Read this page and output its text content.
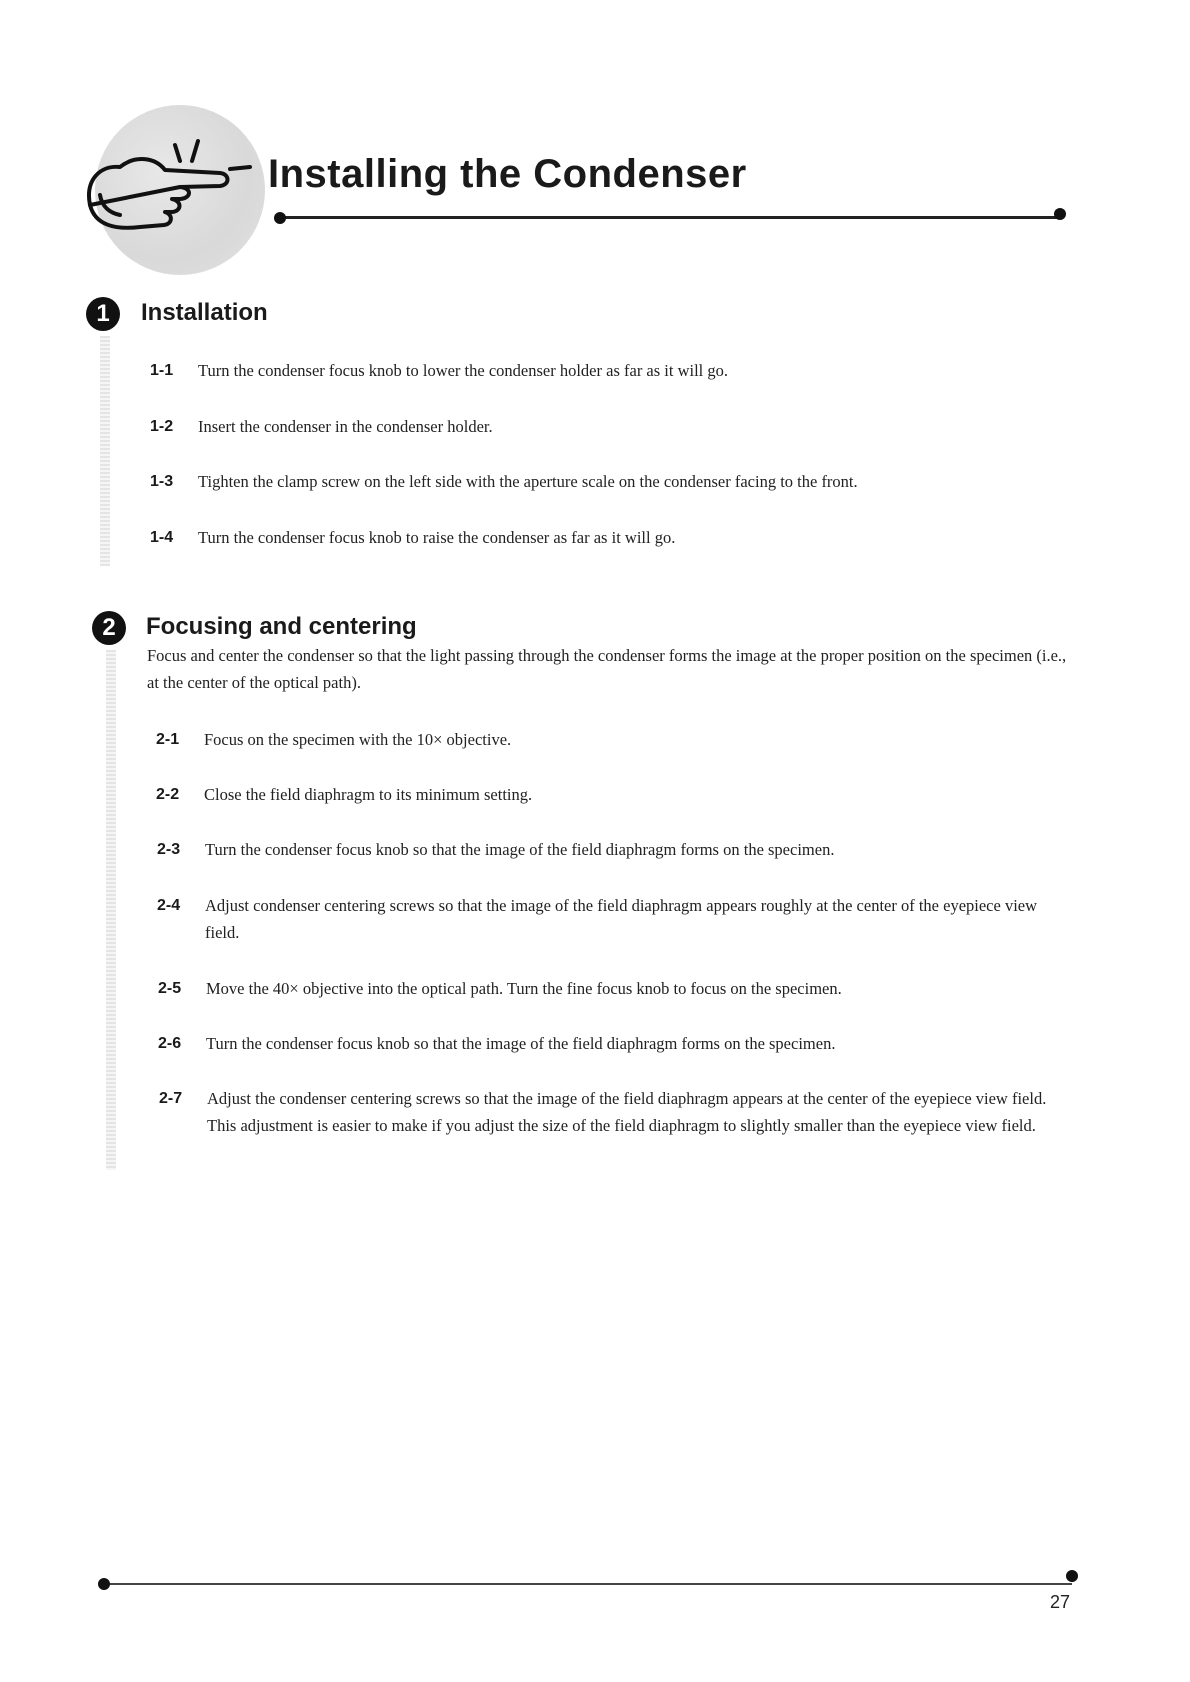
Installing the Condenser
1	Installation
1-1	Turn the condenser focus knob to lower the condenser holder as far as it will go.
1-2	Insert the condenser in the condenser holder.
1-3	Tighten the clamp screw on the left side with the aperture scale on the condenser facing to the front.
1-4	Turn the condenser focus knob to raise the condenser as far as it will go.
2	Focusing and centering

Focus and center the condenser so that the light passing through the condenser forms the image at the proper position on the specimen (i.e., at the center of the optical path).

2-1	Focus on the specimen with the 10× objective.
2-2	Close the field diaphragm to its minimum setting.
2-3	Turn the condenser focus knob so that the image of the field diaphragm forms on the specimen.
2-4	Adjust condenser centering screws so that the image of the field diaphragm appears roughly at the center of the eyepiece view field.
2-5	Move the 40× objective into the optical path. Turn the fine focus knob to focus on the specimen.
2-6	Turn the condenser focus knob so that the image of the field diaphragm forms on the specimen.
2-7	Adjust the condenser centering screws so that the image of the field diaphragm appears at the center of the eyepiece view field. This adjustment is easier to make if you adjust the size of the field diaphragm to slightly smaller than the eyepiece view field.
27
